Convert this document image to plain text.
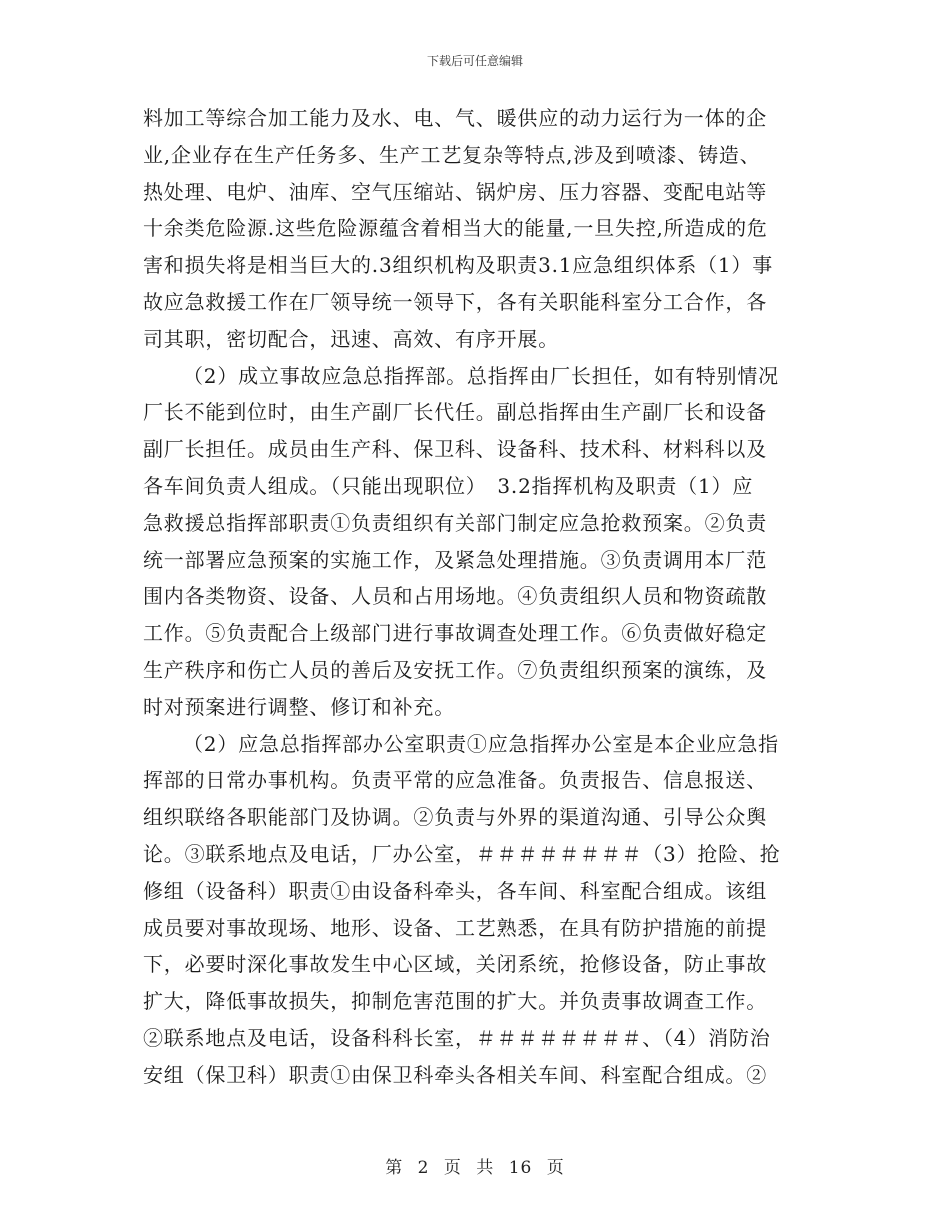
下载后可任意编辑
料加工等综合加工能力及水、电、气、暖供应的动力运行为一体的企
业,企业存在生产任务多、生产工艺复杂等特点,涉及到喷漆、铸造、
热处理、电炉、油库、空气压缩站、锅炉房、压力容器、变配电站等
十余类危险源.这些危险源蕴含着相当大的能量,一旦失控,所造成的危
害和损失将是相当巨大的.3组织机构及职责3.1应急组织体系（1）事
故应急救援工作在厂领导统一领导下，各有关职能科室分工合作，各
司其职，密切配合，迅速、高效、有序开展。
（2）成立事故应急总指挥部。总指挥由厂长担任，如有特别情况
厂长不能到位时，由生产副厂长代任。副总指挥由生产副厂长和设备
副厂长担任。成员由生产科、保卫科、设备科、技术科、材料科以及
各车间负责人组成。（只能出现职位）　3.2指挥机构及职责（1）应
急救援总指挥部职责①负责组织有关部门制定应急抢救预案。②负责
统一部署应急预案的实施工作，及紧急处理措施。③负责调用本厂范
围内各类物资、设备、人员和占用场地。④负责组织人员和物资疏散
工作。⑤负责配合上级部门进行事故调查处理工作。⑥负责做好稳定
生产秩序和伤亡人员的善后及安抚工作。⑦负责组织预案的演练，及
时对预案进行调整、修订和补充。
（2）应急总指挥部办公室职责①应急指挥办公室是本企业应急指
挥部的日常办事机构。负责平常的应急准备。负责报告、信息报送、
组织联络各职能部门及协调。②负责与外界的渠道沟通、引导公众舆
论。③联系地点及电话，厂办公室，＃＃＃＃＃＃＃＃（3）抢险、抢
修组（设备科）职责①由设备科牵头，各车间、科室配合组成。该组
成员要对事故现场、地形、设备、工艺熟悉，在具有防护措施的前提
下，必要时深化事故发生中心区域，关闭系统，抢修设备，防止事故
扩大，降低事故损失，抑制危害范围的扩大。并负责事故调查工作。
②联系地点及电话，设备科科长室，＃＃＃＃＃＃＃＃、（4）消防治
安组（保卫科）职责①由保卫科牵头各相关车间、科室配合组成。②
第 2 页 共 16 页
